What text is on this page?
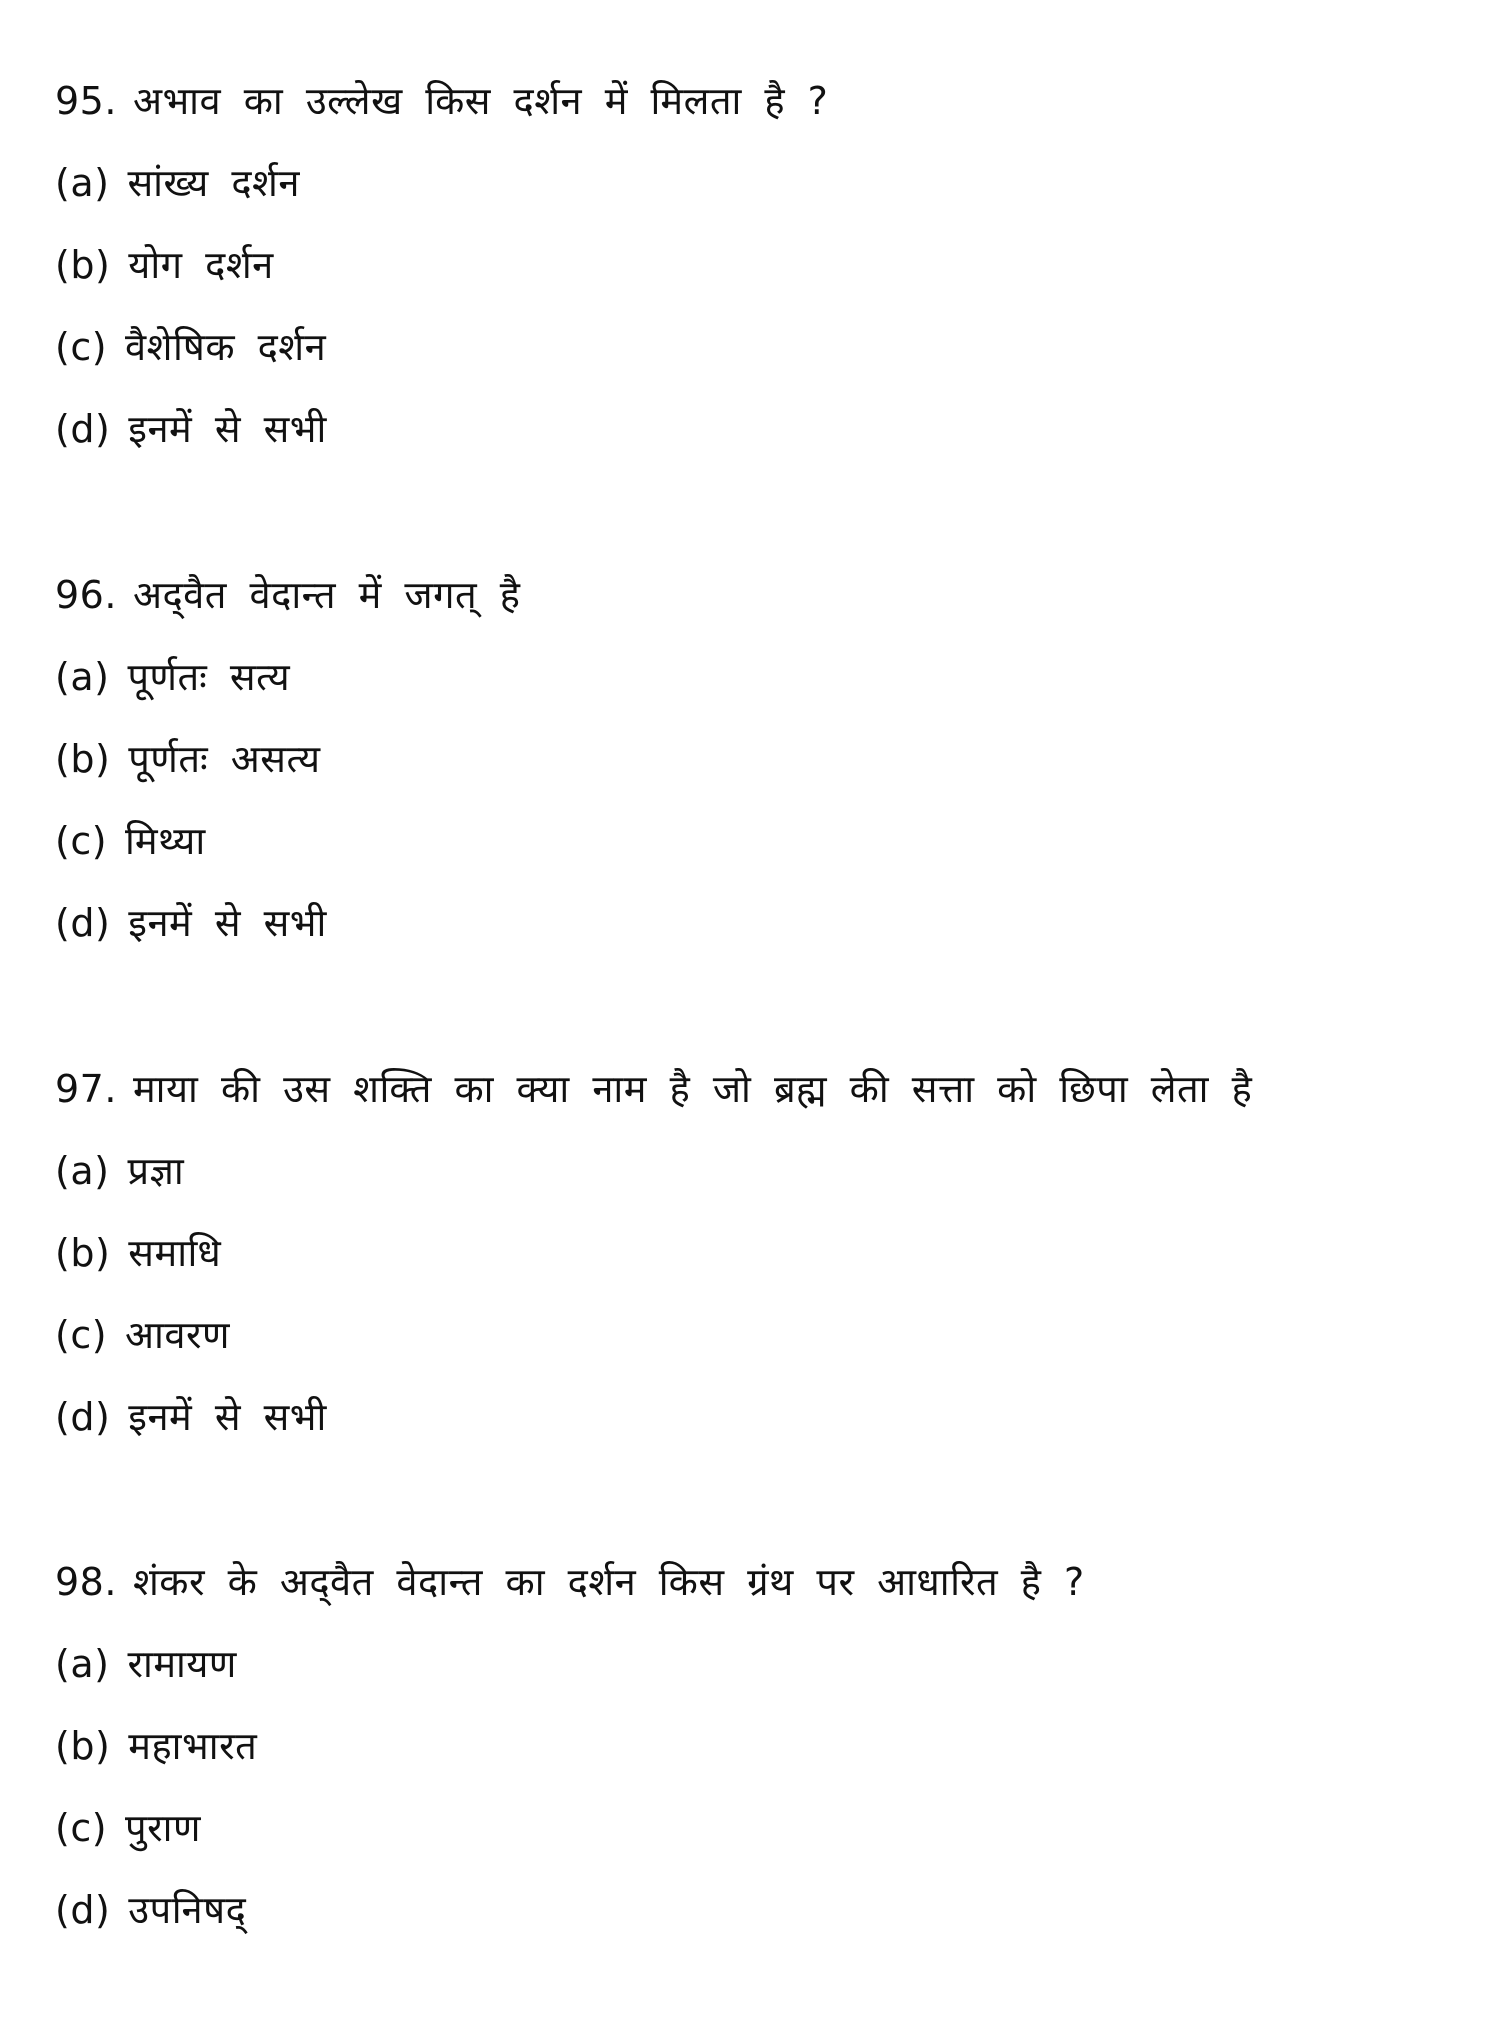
95. अभाव का उल्लेख किस दर्शन में मिलता है ?
(a) सांख्य दर्शन
(b) योग दर्शन
(c) वैशेषिक दर्शन
(d) इनमें से सभी
96. अद्‌वैत वेदान्त में जगत्‌ है
(a) पूर्णतः सत्य
(b) पूर्णतः असत्य
(c) मिथ्या
(d) इनमें से सभी
97. माया की उस शक्ति का क्या नाम है जो ब्रह्म की सत्ता को छिपा लेता है
(a) प्रज्ञा
(b) समाधि
(c) आवरण
(d) इनमें से सभी
98. शंकर के अद्‌वैत वेदान्त का दर्शन किस ग्रंथ पर आधारित है ?
(a) रामायण
(b) महाभारत
(c) पुराण
(d) उपनिषद्‌
